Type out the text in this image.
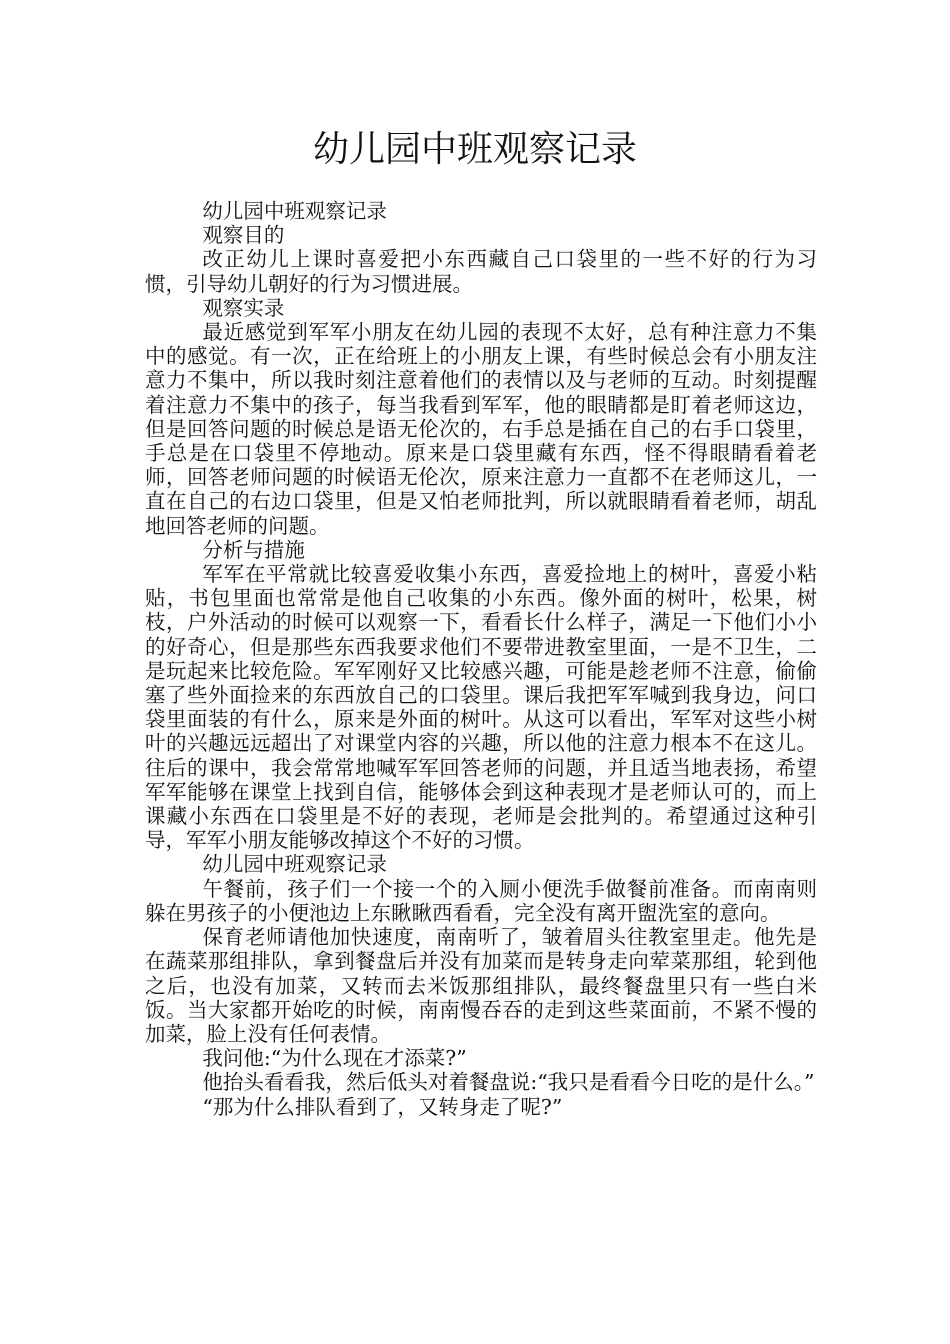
幼儿园中班观察记录

幼儿园中班观察记录

观察目的

改正幼儿上课时喜爱把小东西藏自己口袋里的一些不好的行为习惯，引导幼儿朝好的行为习惯进展。

观察实录

最近感觉到军军小朋友在幼儿园的表现不太好，总有种注意力不集中的感觉。有一次，正在给班上的小朋友上课，有些时候总会有小朋友注意力不集中，所以我时刻注意着他们的表情以及与老师的互动。时刻提醒着注意力不集中的孩子，每当我看到军军，他的眼睛都是盯着老师这边，但是回答问题的时候总是语无伦次的，右手总是插在自己的右手口袋里，手总是在口袋里不停地动。原来是口袋里藏有东西，怪不得眼睛看着老师，回答老师问题的时候语无伦次，原来注意力一直都不在老师这儿，一直在自己的右边口袋里，但是又怕老师批判，所以就眼睛看着老师，胡乱地回答老师的问题。

分析与措施

军军在平常就比较喜爱收集小东西，喜爱捡地上的树叶，喜爱小粘贴，书包里面也常常是他自己收集的小东西。像外面的树叶，松果，树枝，户外活动的时候可以观察一下，看看长什么样子，满足一下他们小小的好奇心，但是那些东西我要求他们不要带进教室里面，一是不卫生，二是玩起来比较危险。军军刚好又比较感兴趣，可能是趁老师不注意，偷偷塞了些外面捡来的东西放自己的口袋里。课后我把军军喊到我身边，问口袋里面装的有什么，原来是外面的树叶。从这可以看出，军军对这些小树叶的兴趣远远超出了对课堂内容的兴趣，所以他的注意力根本不在这儿。往后的课中，我会常常地喊军军回答老师的问题，并且适当地表扬，希望军军能够在课堂上找到自信，能够体会到这种表现才是老师认可的，而上课藏小东西在口袋里是不好的表现，老师是会批判的。希望通过这种引导，军军小朋友能够改掉这个不好的习惯。

幼儿园中班观察记录

午餐前，孩子们一个接一个的入厕小便洗手做餐前准备。而南南则躲在男孩子的小便池边上东瞅瞅西看看，完全没有离开盥洗室的意向。

保育老师请他加快速度，南南听了，皱着眉头往教室里走。他先是在蔬菜那组排队，拿到餐盘后并没有加菜而是转身走向荤菜那组，轮到他之后，也没有加菜，又转而去米饭那组排队，最终餐盘里只有一些白米饭。当大家都开始吃的时候，南南慢吞吞的走到这些菜面前，不紧不慢的加菜，脸上没有任何表情。

我问他:“为什么现在才添菜?”

他抬头看看我，然后低头对着餐盘说:“我只是看看今日吃的是什么。”

“那为什么排队看到了，又转身走了呢?”
